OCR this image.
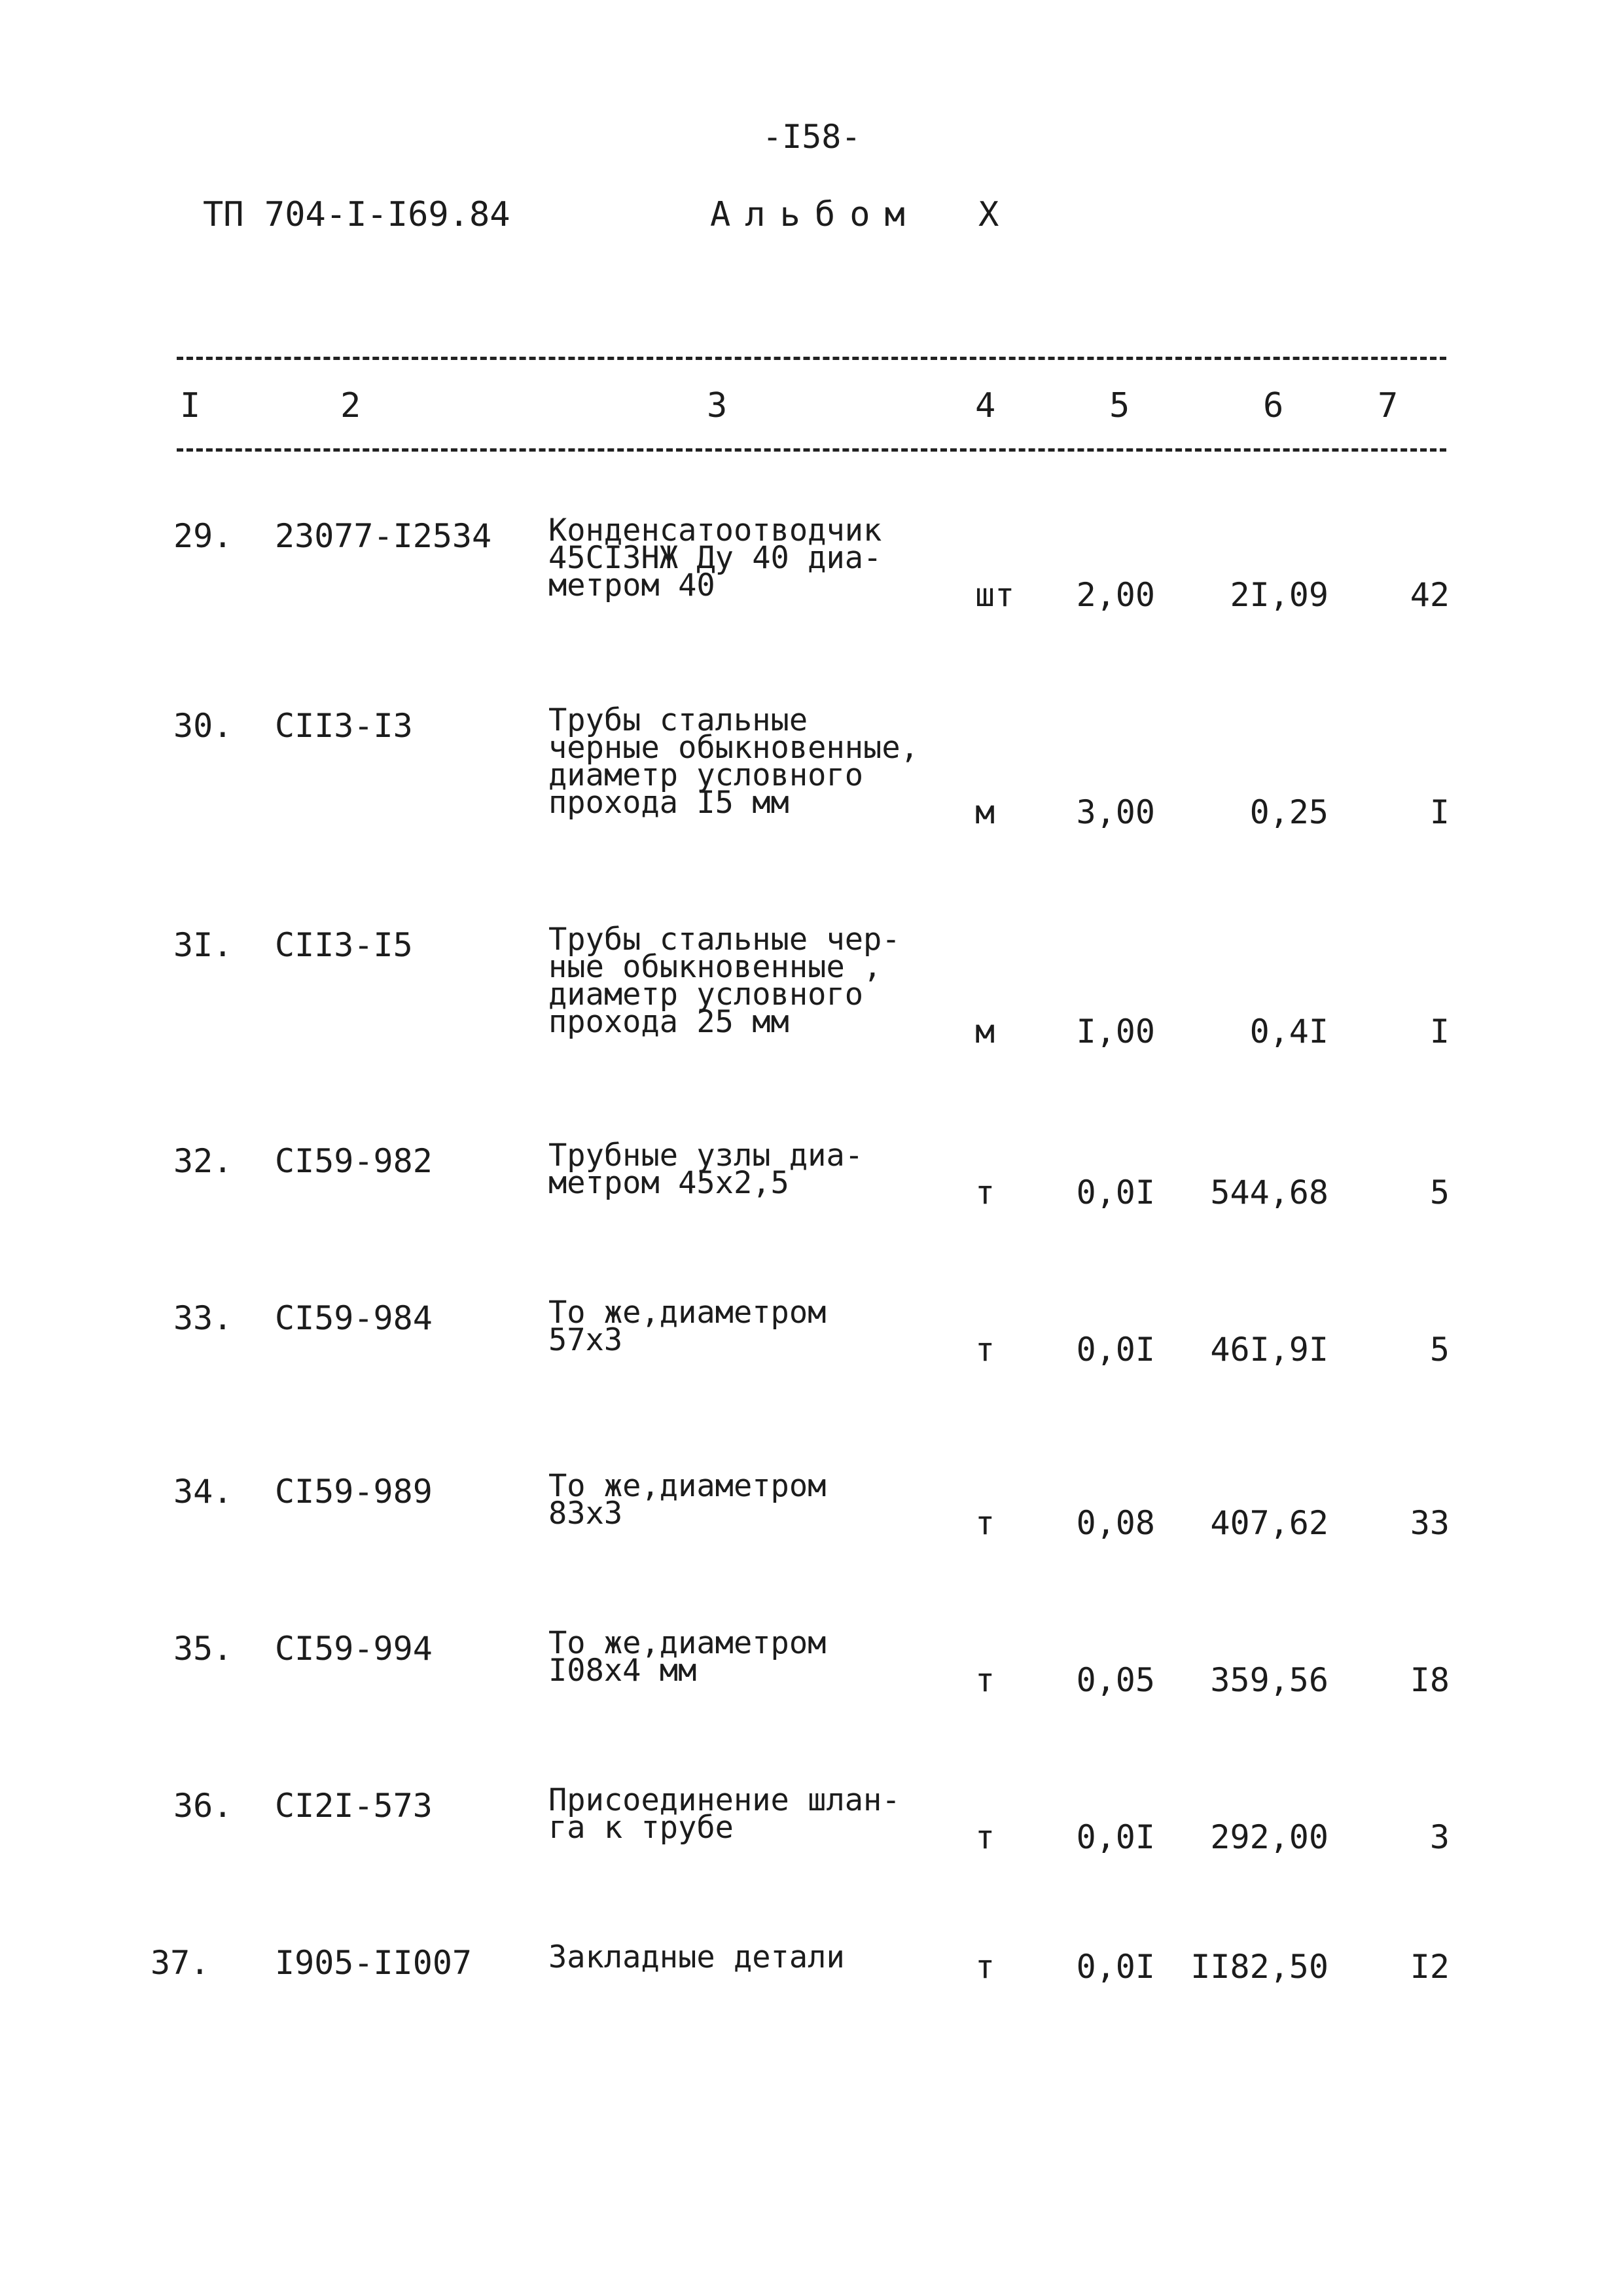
-I58-
ТП 704-I-I69.84	Альбом X
I	2	3	4	5	6	7
29. 23077-I2534 Конденсатоотводчик
45СI3НЖ Ду 40 диа-
метром 40	шт 2,00 2I,09 42
30. СII3-I3	Трубы стальные
черные обыкновенные,
диаметр условного
прохода I5 мм	м 3,00	0,25	I
3I. СII3-I5	Трубы стальные чер-
ные обыкновенные ,
диаметр условного
прохода 25 мм	м I,00	0,4I	I
32. СI59-982	Трубные узлы диа-
метром 45х2,5	т 0,0I 544,68	5
33. СI59-984	То же,диаметром
57х3	т 0,0I 46I,9I	5
34. СI59-989	То же,диаметром
83х3	т 0,08 407,62 33
35. СI59-994	То же,диаметром
I08х4 мм	т 0,05 359,56 I8
36. СI2I-573	Присоединение шлан-
га к трубе	т 0,0I 292,00	3
37. I905-II007 Закладные детали	т 0,0I II82,50 I2
